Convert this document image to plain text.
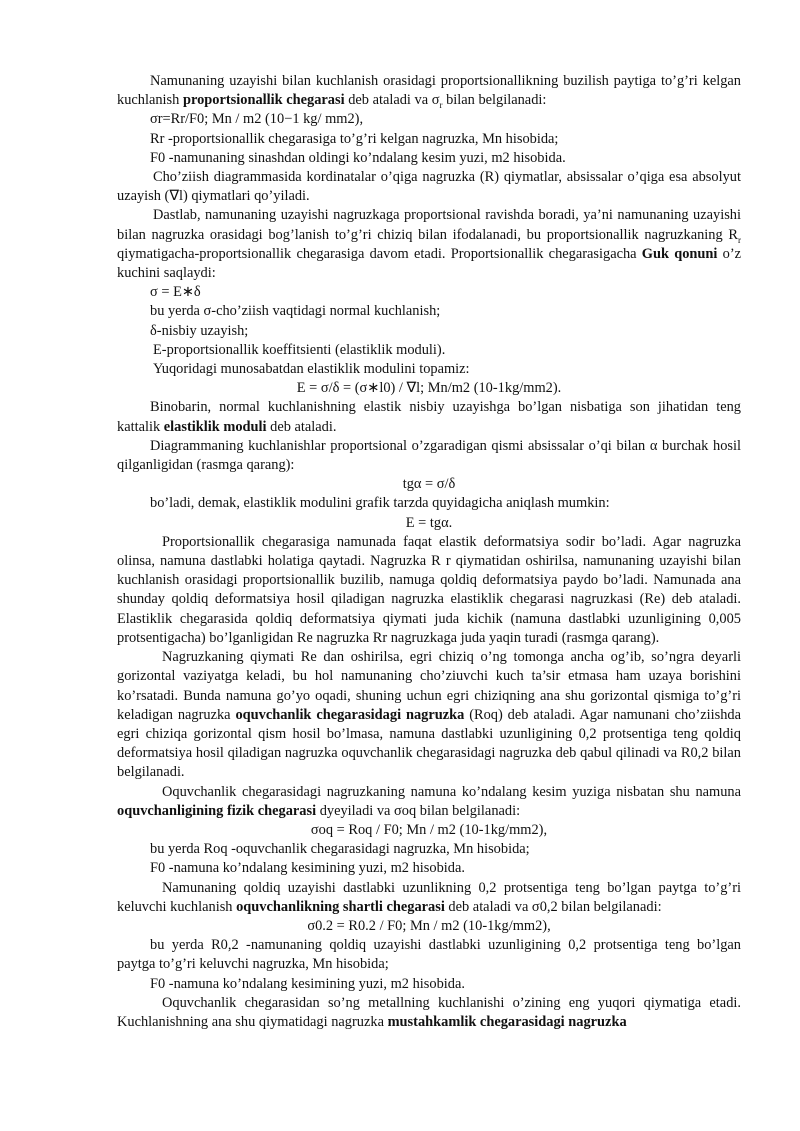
Namunaning uzayishi bilan kuchlanish orasidagi proportsionallikning buzilish paytiga to’g’ri kelgan kuchlanish proportsionallik chegarasi deb ataladi va $\sigma_r$ bilan belgilanadi:

σr=Rr/F0; Mn / m2 (10−1 kg/ mm2),

Rr -proportsionallik chegarasiga to’g’ri kelgan nagruzka, Mn hisobida;

F0 -namunaning sinashdan oldingi ko’ndalang kesim yuzi, m2 hisobida.

Cho’ziish diagrammasida kordinatalar o’qiga nagruzka (R) qiymatlar, absissalar o’qiga esa absolyut uzayish (∇l) qiymatlari qo’yiladi.

Dastlab, namunaning uzayishi nagruzkaga proportsional ravishda boradi, ya’ni namunaning uzayishi bilan nagruzka orasidagi bog’lanish to’g’ri chiziq bilan ifodalanadi, bu proportsionallik nagruzkaning $R_r$ qiymatigacha-proportsionallik chegarasiga davom etadi. Proportsionallik chegarasigacha Guk qonuni o’z kuchini saqlaydi:

σ = E∗δ

bu yerda σ-cho’ziish vaqtidagi normal kuchlanish;

δ-nisbiy uzayish;

E-proportsionallik koeffitsienti (elastiklik moduli).

Yuqoridagi munosabatdan elastiklik modulini topamiz:

E = σ/δ = (σ∗l0) / ∇l; Mn/m2 (10-1kg/mm2).

Binobarin, normal kuchlanishning elastik nisbiy uzayishga bo’lgan nisbatiga son jihatidan teng kattalik elastiklik moduli deb ataladi.

Diagrammaning kuchlanishlar proportsional o’zgaradigan qismi absissalar o’qi bilan α burchak hosil qilganligidan (rasmga qarang):

tgα = σ/δ

bo’ladi, demak, elastiklik modulini grafik tarzda quyidagicha aniqlash mumkin:

E = tgα.

Proportsionallik chegarasiga namunada faqat elastik deformatsiya sodir bo’ladi. Agar nagruzka olinsa, namuna dastlabki holatiga qaytadi. Nagruzka R r qiymatidan oshirilsa, namunaning uzayishi bilan kuchlanish orasidagi proportsionallik buzilib, namuga qoldiq deformatsiya paydo bo’ladi. Namunada ana shunday qoldiq deformatsiya hosil qiladigan nagruzka elastiklik chegarasi nagruzkasi (Re) deb ataladi. Elastiklik chegarasida qoldiq deformatsiya qiymati juda kichik (namuna dastlabki uzunligining 0,005 protsentigacha) bo’lganligidan Re nagruzka Rr nagruzkaga juda yaqin turadi (rasmga qarang).

Nagruzkaning qiymati Re dan oshirilsa, egri chiziq o’ng tomonga ancha og’ib, so’ngra deyarli gorizontal vaziyatga keladi, bu hol namunaning cho’ziuvchi kuch ta’sir etmasa ham uzaya borishini ko’rsatadi. Bunda namuna go’yo oqadi, shuning uchun egri chiziqning ana shu gorizontal qismiga to’g’ri keladigan nagruzka oquvchanlik chegarasidagi nagruzka (Roq) deb ataladi. Agar namunani cho’ziishda egri chiziqa gorizontal qism hosil bo’lmasa, namuna dastlabki uzunligining 0,2 protsentiga teng qoldiq deformatsiya hosil qiladigan nagruzka oquvchanlik chegarasidagi nagruzka deb qabul qilinadi va R0,2 bilan belgilanadi.

Oquvchanlik chegarasidagi nagruzkaning namuna ko’ndalang kesim yuziga nisbatan shu namuna oquvchanligining fizik chegarasi dyeyiladi va σoq bilan belgilanadi:

σoq = Roq / F0; Mn / m2 (10-1kg/mm2),

bu yerda Roq -oquvchanlik chegarasidagi nagruzka, Mn hisobida;

F0 -namuna ko’ndalang kesimining yuzi, m2 hisobida.

Namunaning qoldiq uzayishi dastlabki uzunlikning 0,2 protsentiga teng bo’lgan paytga to’g’ri keluvchi kuchlanish oquvchanlikning shartli chegarasi deb ataladi va σ0,2 bilan belgilanadi:

σ0.2 = R0.2 / F0; Mn / m2 (10-1kg/mm2),

bu yerda R0,2 -namunaning qoldiq uzayishi dastlabki uzunligining 0,2 protsentiga teng bo’lgan paytga to’g’ri keluvchi nagruzka, Mn hisobida;

F0 -namuna ko’ndalang kesimining yuzi, m2 hisobida.

Oquvchanlik chegarasidan so’ng metallning kuchlanishi o’zining eng yuqori qiymatiga etadi. Kuchlanishning ana shu qiymatidagi nagruzka mustahkamlik chegarasidagi nagruzka
